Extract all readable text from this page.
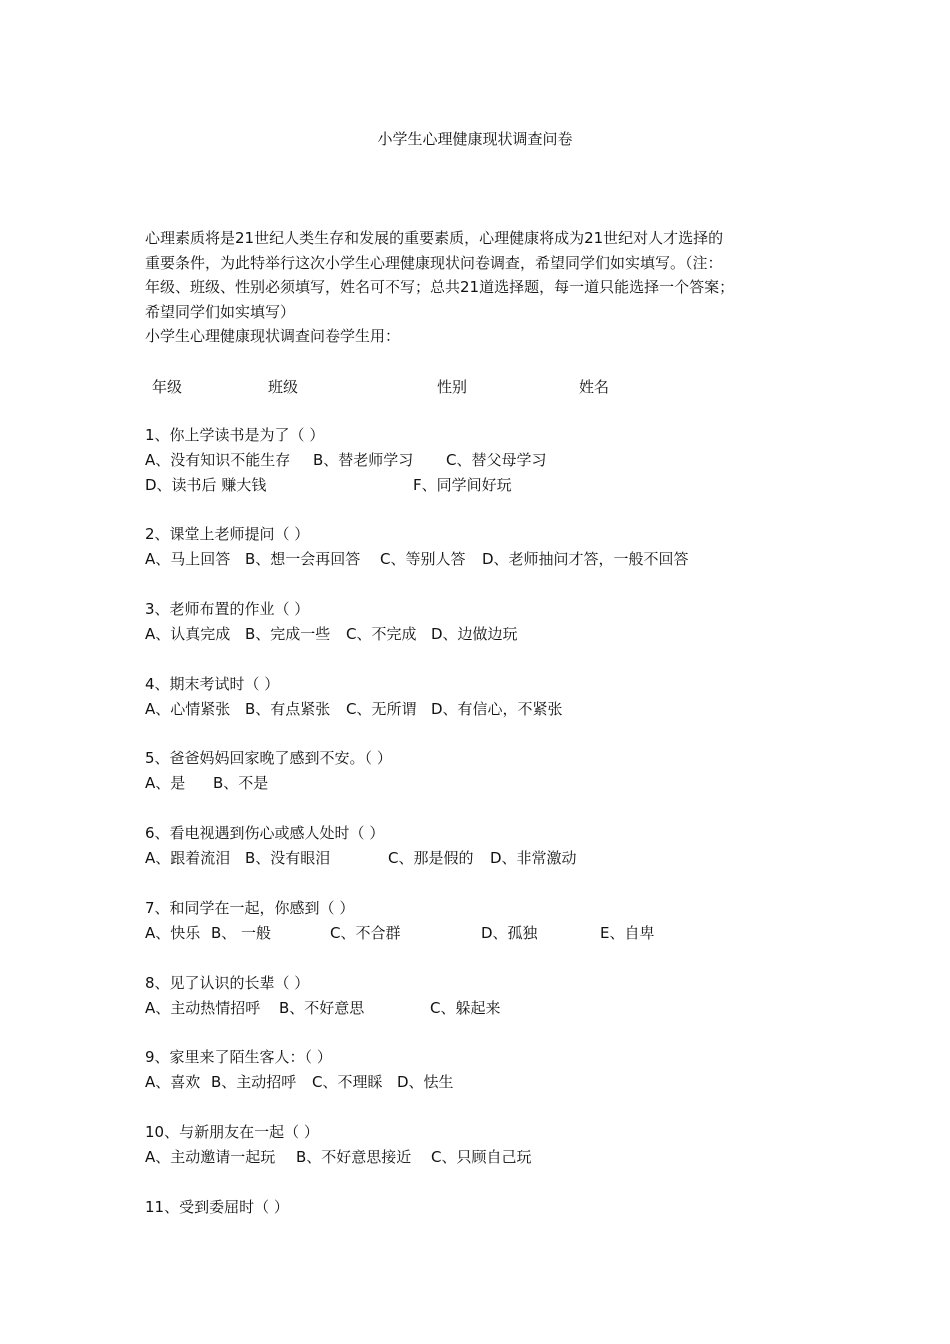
小学生心理健康现状调查问卷

心理素质将是21世纪人类生存和发展的重要素质，心理健康将成为21世纪对人才选择的

重要条件，为此特举行这次小学生心理健康现状问卷调查，希望同学们如实填写。（注：

年级、班级、性别必须填写，姓名可不写；总共21道选择题，每一道只能选择一个答案；

希望同学们如实填写）

小学生心理健康现状调查问卷学生用：

年级	班级	性别	姓名
1、你上学读书是为了（ ）
A、没有知识不能生存 B、替老师学习 C、替父母学习
D、读书后 赚大钱	F、同学间好玩
2、课堂上老师提问（ ）
A、马上回答 B、想一会再回答 C、等别人答 D、老师抽问才答，一般不回答
3、老师布置的作业（ ）
A、认真完成 B、完成一些 C、不完成 D、边做边玩
4、期末考试时（ ）
A、心情紧张 B、有点紧张 C、无所谓 D、有信心，不紧张
5、爸爸妈妈回家晚了感到不安。（ ）
A、是 B、不是
6、看电视遇到伤心或感人处时（ ）
A、跟着流泪 B、没有眼泪	C、那是假的 D、非常激动
7、和同学在一起，你感到（ ）
A、快乐 B、 一般	C、不合群	D、孤独	E、自卑
8、见了认识的长辈（ ）
A、主动热情招呼 B、不好意思	C、躲起来
9、家里来了陌生客人：（ ）
A、喜欢 B、主动招呼 C、不理睬 D、怯生
10、与新朋友在一起（ ）
A、主动邀请一起玩 B、不好意思接近 C、只顾自己玩
11、受到委屈时（ ）
